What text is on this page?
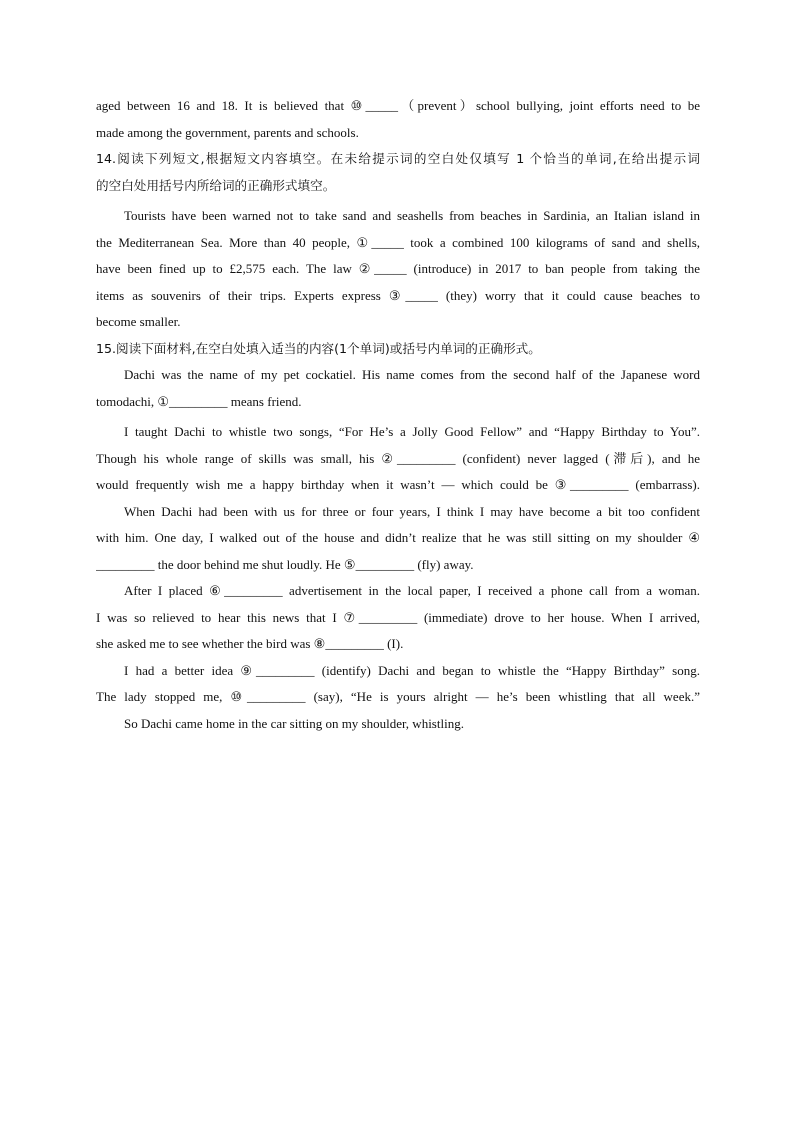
aged between 16 and 18. It is believed that ⑩_____（prevent）school bullying, joint efforts need to be
made among the government, parents and schools.
14.阅读下列短文,根据短文内容填空。在未给提示词的空白处仅填写 1 个恰当的单词,在给出提示词
的空白处用括号内所给词的正确形式填空。
Tourists have been warned not to take sand and seashells from beaches in Sardinia, an Italian island in
the Mediterranean Sea. More than 40 people, ①_____ took a combined 100 kilograms of sand and shells,
have been fined up to £2,575 each. The law ②_____ (introduce) in 2017 to ban people from taking the
items as souvenirs of their trips. Experts express ③_____ (they) worry that it could cause beaches to
become smaller.
15.阅读下面材料,在空白处填入适当的内容(1个单词)或括号内单词的正确形式。
Dachi was the name of my pet cockatiel. His name comes from the second half of the Japanese word
tomodachi, ①_________ means friend.
I taught Dachi to whistle two songs, “For He’s a Jolly Good Fellow” and “Happy Birthday to You”.
Though his whole range of skills was small, his ②_________ (confident) never lagged (滞后), and he
would frequently wish me a happy birthday when it wasn’t — which could be ③_________ (embarrass).
When Dachi had been with us for three or four years, I think I may have become a bit too confident
with him. One day, I walked out of the house and didn’t realize that he was still sitting on my shoulder ④
_________ the door behind me shut loudly. He ⑤_________ (fly) away.
After I placed ⑥_________ advertisement in the local paper, I received a phone call from a woman.
I was so relieved to hear this news that I ⑦_________ (immediate) drove to her house. When I arrived,
she asked me to see whether the bird was ⑧_________ (I).
I had a better idea ⑨_________ (identify) Dachi and began to whistle the “Happy Birthday” song.
The lady stopped me, ⑩_________ (say), “He is yours alright — he’s been whistling that all week.”
So Dachi came home in the car sitting on my shoulder, whistling.
